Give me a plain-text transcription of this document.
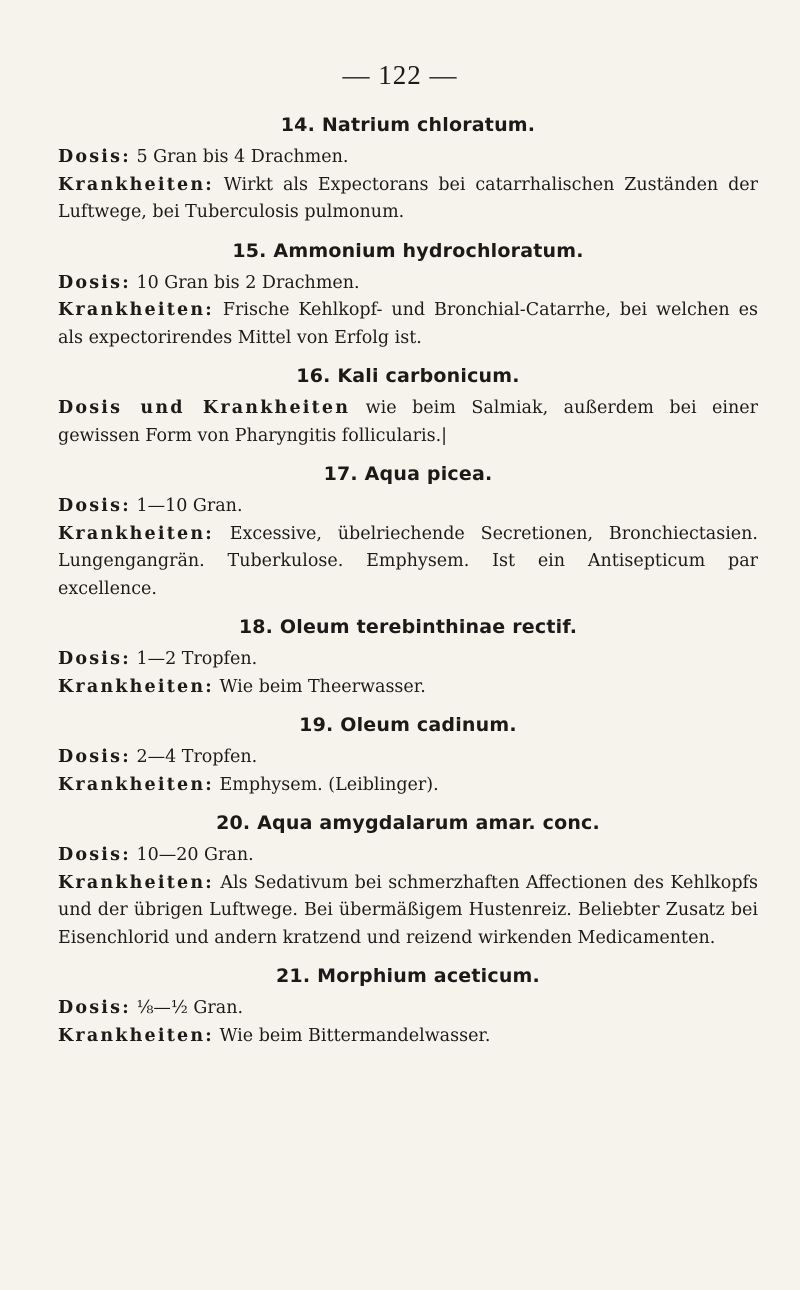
— 122 —
14. Natrium chloratum.

Dosis: 5 Gran bis 4 Drachmen.

Krankheiten: Wirkt als Expectorans bei catarrhalischen Zuständen der Luftwege, bei Tuberculosis pulmonum.

15. Ammonium hydrochloratum.

Dosis: 10 Gran bis 2 Drachmen.

Krankheiten: Frische Kehlkopf- und Bronchial-Catarrhe, bei welchen es als expectorirendes Mittel von Erfolg ist.

16. Kali carbonicum.

Dosis und Krankheiten wie beim Salmiak, außerdem bei einer gewissen Form von Pharyngitis follicularis.|

17. Aqua picea.

Dosis: 1—10 Gran.

Krankheiten: Excessive, übelriechende Secretionen, Bronchiectasien. Lungengangrän. Tuberkulose. Emphysem. Ist ein Antisepticum par excellence.

18. Oleum terebinthinae rectif.

Dosis: 1—2 Tropfen.

Krankheiten: Wie beim Theerwasser.

19. Oleum cadinum.

Dosis: 2—4 Tropfen.

Krankheiten: Emphysem. (Leiblinger).

20. Aqua amygdalarum amar. conc.

Dosis: 10—20 Gran.

Krankheiten: Als Sedativum bei schmerzhaften Affectionen des Kehlkopfs und der übrigen Luftwege. Bei übermäßigem Hustenreiz. Beliebter Zusatz bei Eisenchlorid und andern kratzend und reizend wirkenden Medicamenten.

21. Morphium aceticum.

Dosis: ⅛—½ Gran.

Krankheiten: Wie beim Bittermandelwasser.
